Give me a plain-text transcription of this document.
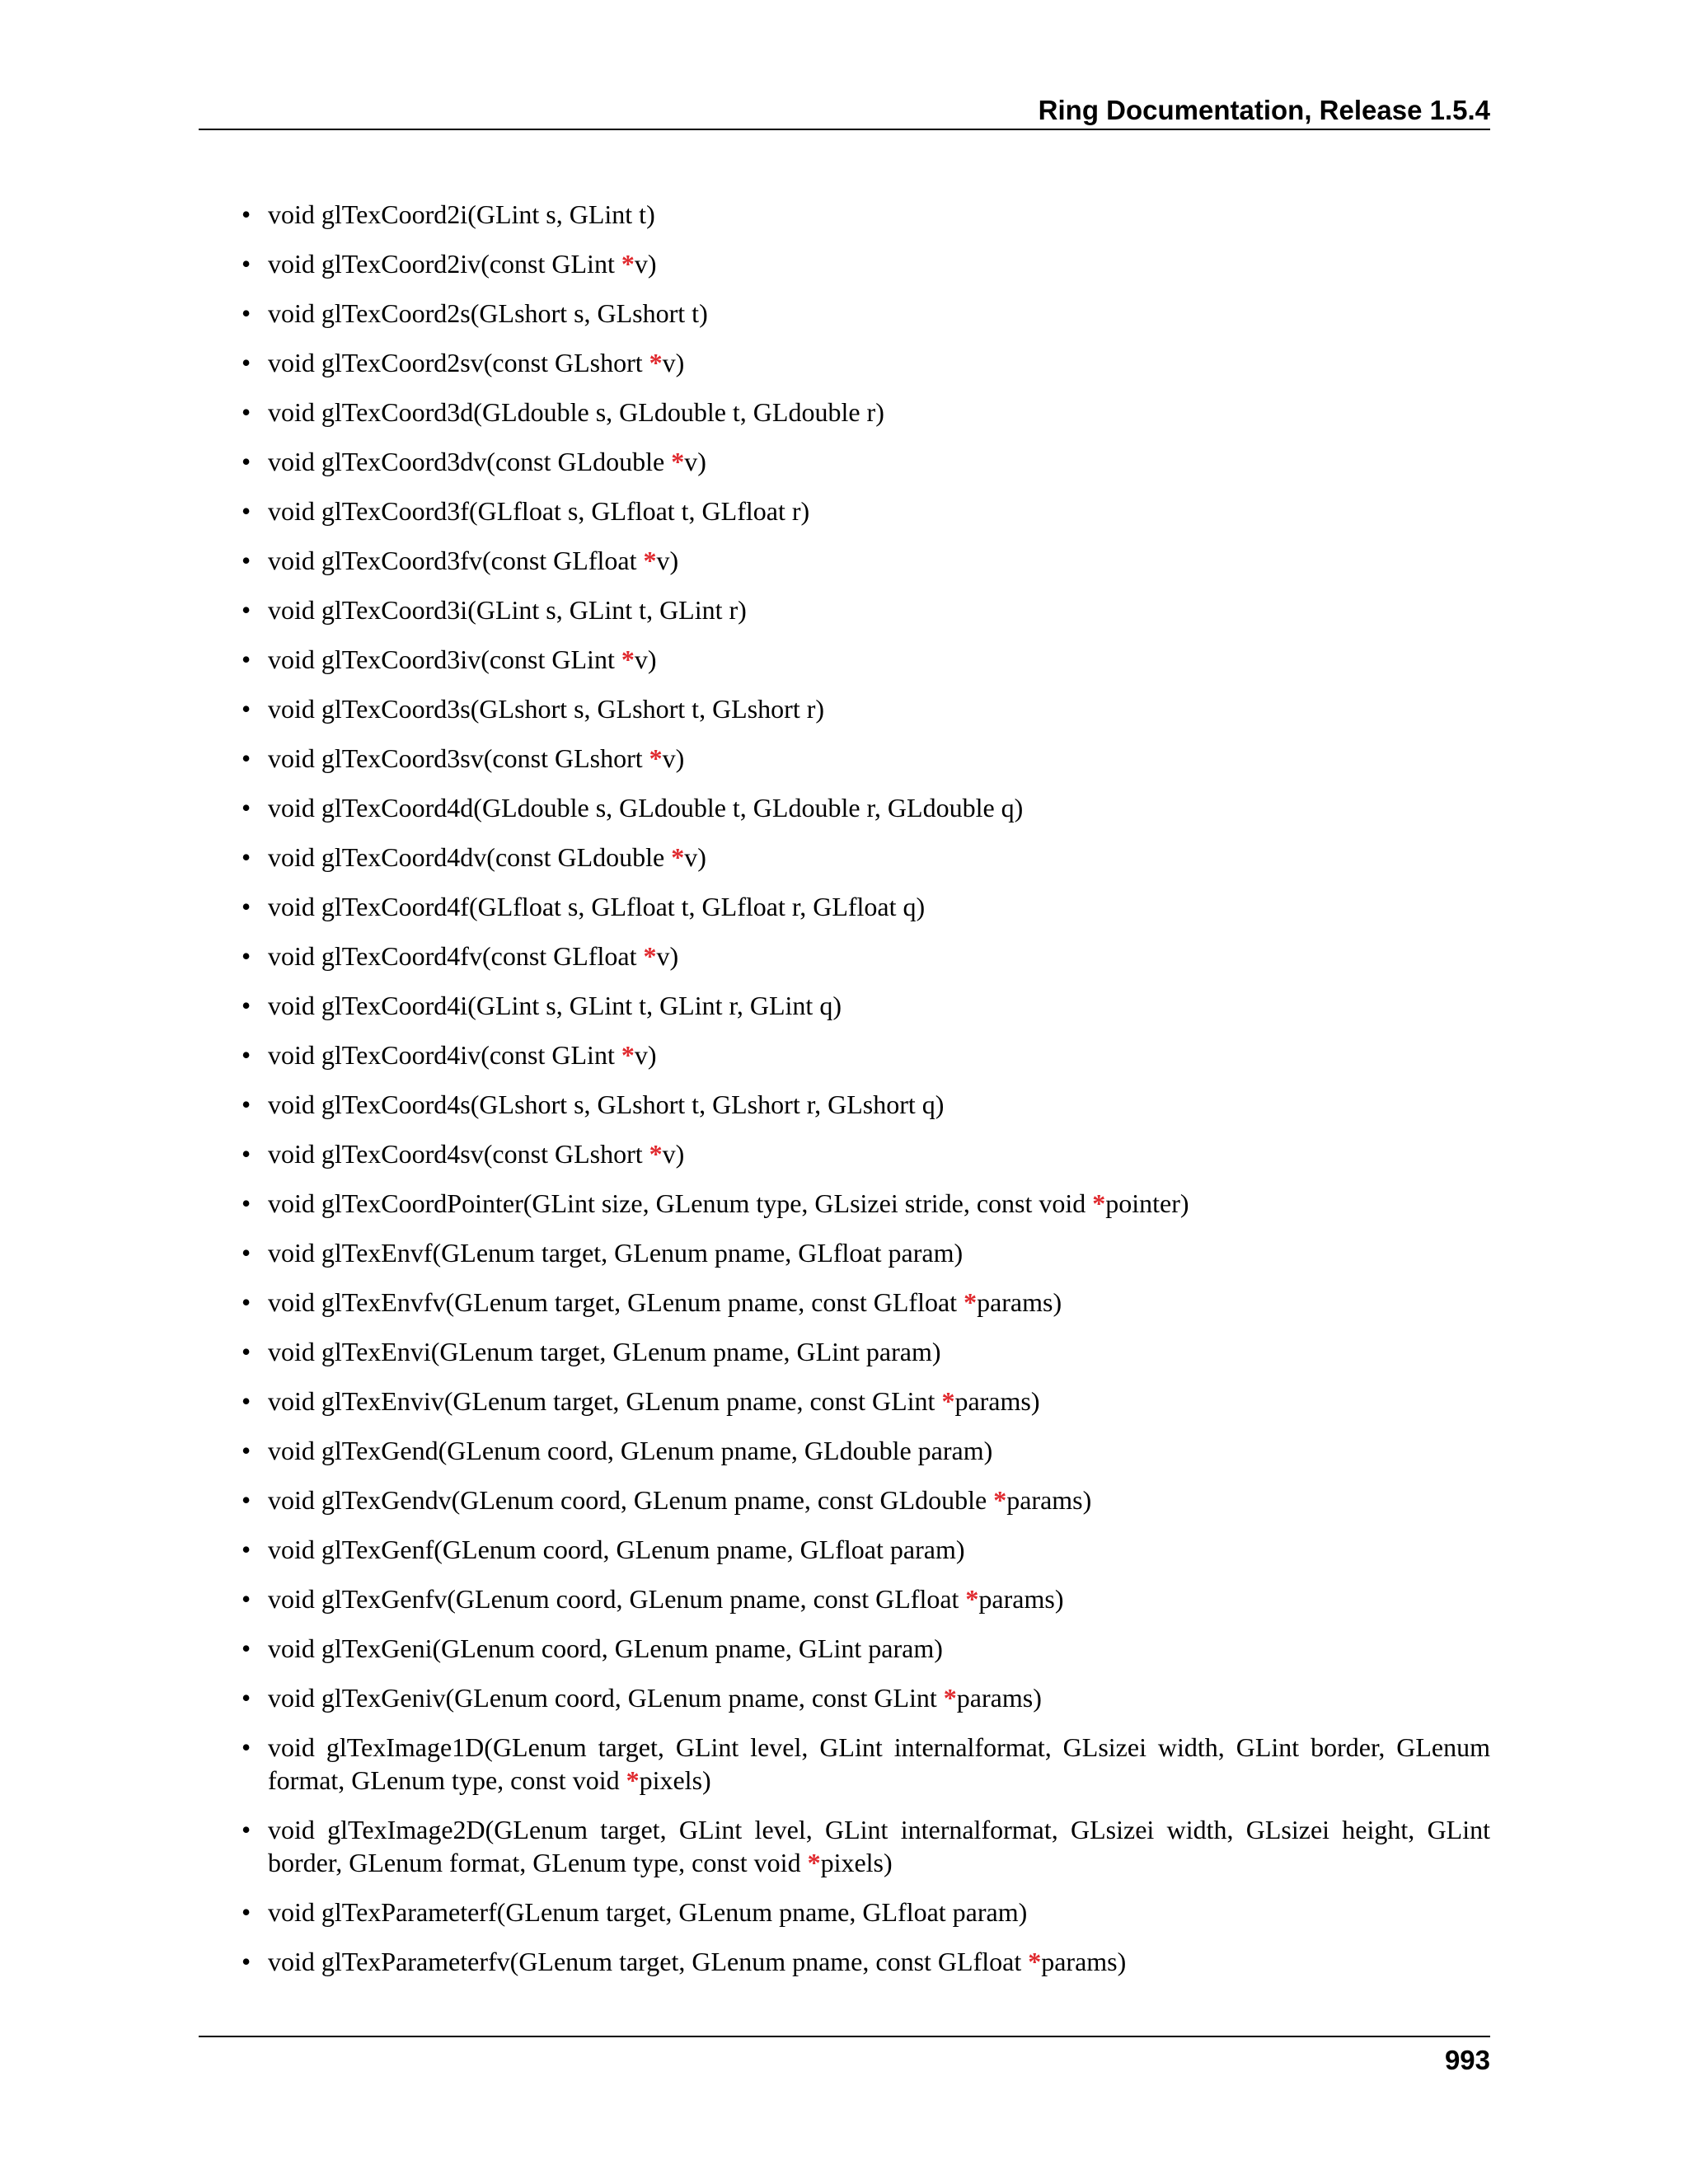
Ring Documentation, Release 1.5.4
• void glTexCoord2i(GLint s, GLint t)
• void glTexCoord2iv(const GLint *v)
• void glTexCoord2s(GLshort s, GLshort t)
• void glTexCoord2sv(const GLshort *v)
• void glTexCoord3d(GLdouble s, GLdouble t, GLdouble r)
• void glTexCoord3dv(const GLdouble *v)
• void glTexCoord3f(GLfloat s, GLfloat t, GLfloat r)
• void glTexCoord3fv(const GLfloat *v)
• void glTexCoord3i(GLint s, GLint t, GLint r)
• void glTexCoord3iv(const GLint *v)
• void glTexCoord3s(GLshort s, GLshort t, GLshort r)
• void glTexCoord3sv(const GLshort *v)
• void glTexCoord4d(GLdouble s, GLdouble t, GLdouble r, GLdouble q)
• void glTexCoord4dv(const GLdouble *v)
• void glTexCoord4f(GLfloat s, GLfloat t, GLfloat r, GLfloat q)
• void glTexCoord4fv(const GLfloat *v)
• void glTexCoord4i(GLint s, GLint t, GLint r, GLint q)
• void glTexCoord4iv(const GLint *v)
• void glTexCoord4s(GLshort s, GLshort t, GLshort r, GLshort q)
• void glTexCoord4sv(const GLshort *v)
• void glTexCoordPointer(GLint size, GLenum type, GLsizei stride, const void *pointer)
• void glTexEnvf(GLenum target, GLenum pname, GLfloat param)
• void glTexEnvfv(GLenum target, GLenum pname, const GLfloat *params)
• void glTexEnvi(GLenum target, GLenum pname, GLint param)
• void glTexEnviv(GLenum target, GLenum pname, const GLint *params)
• void glTexGend(GLenum coord, GLenum pname, GLdouble param)
• void glTexGendv(GLenum coord, GLenum pname, const GLdouble *params)
• void glTexGenf(GLenum coord, GLenum pname, GLfloat param)
• void glTexGenfv(GLenum coord, GLenum pname, const GLfloat *params)
• void glTexGeni(GLenum coord, GLenum pname, GLint param)
• void glTexGeniv(GLenum coord, GLenum pname, const GLint *params)
• void glTexImage1D(GLenum target, GLint level, GLint internalformat, GLsizei width, GLint border, GLenum format, GLenum type, const void *pixels)
• void glTexImage2D(GLenum target, GLint level, GLint internalformat, GLsizei width, GLsizei height, GLint border, GLenum format, GLenum type, const void *pixels)
• void glTexParameterf(GLenum target, GLenum pname, GLfloat param)
• void glTexParameterfv(GLenum target, GLenum pname, const GLfloat *params)
993
